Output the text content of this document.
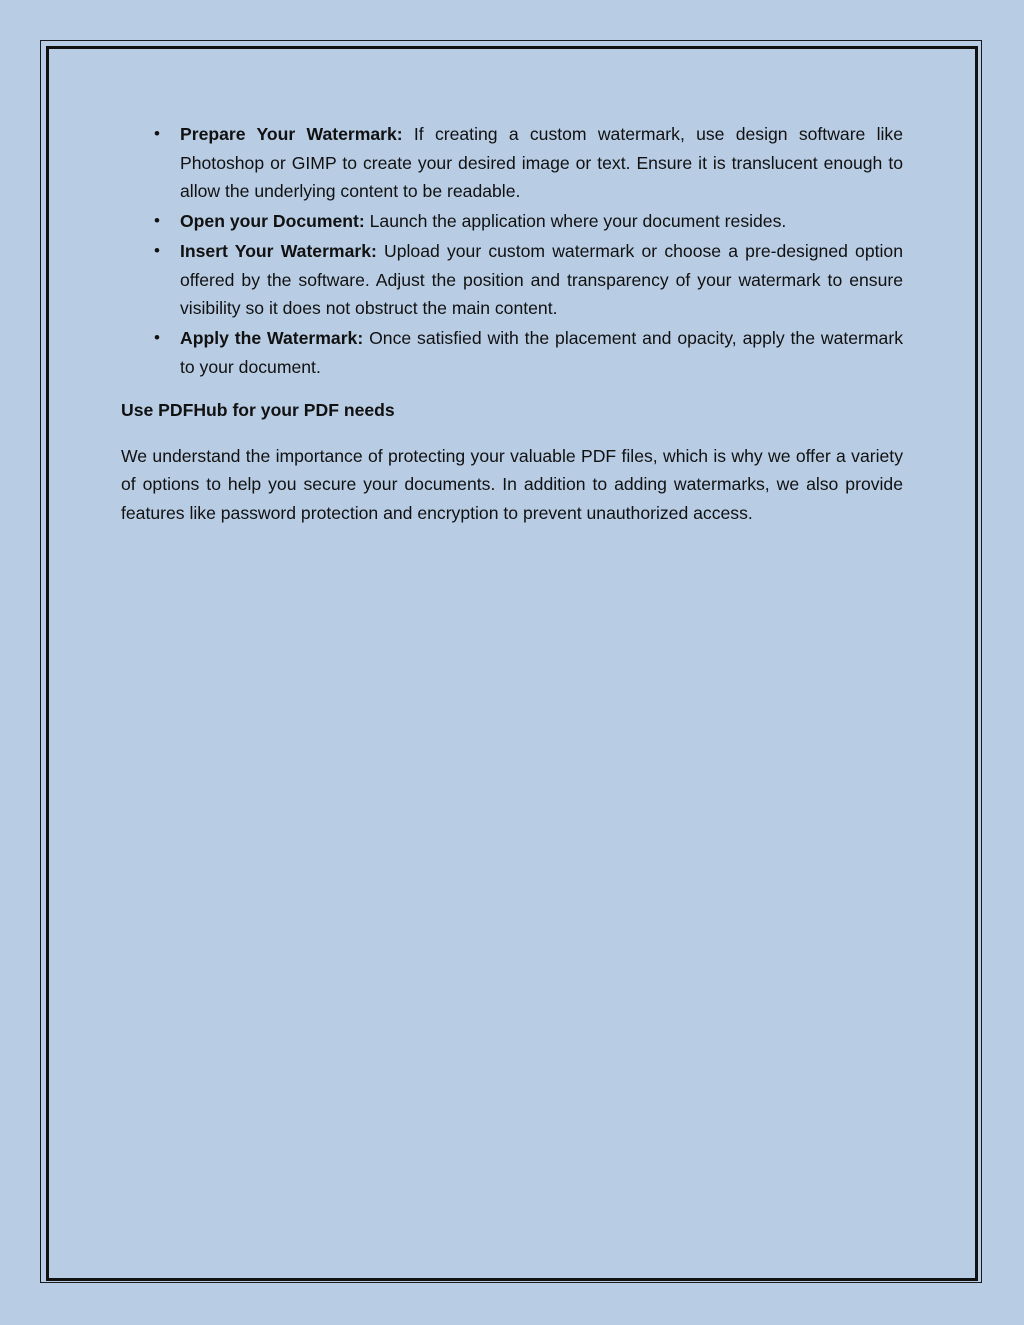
• Prepare Your Watermark: If creating a custom watermark, use design software like Photoshop or GIMP to create your desired image or text. Ensure it is translucent enough to allow the underlying content to be readable.
• Open your Document: Launch the application where your document resides.
• Insert Your Watermark: Upload your custom watermark or choose a pre-designed option offered by the software. Adjust the position and transparency of your watermark to ensure visibility so it does not obstruct the main content.
• Apply the Watermark: Once satisfied with the placement and opacity, apply the watermark to your document.
Use PDFHub for your PDF needs

We understand the importance of protecting your valuable PDF files, which is why we offer a variety of options to help you secure your documents. In addition to adding watermarks, we also provide features like password protection and encryption to prevent unauthorized access.
